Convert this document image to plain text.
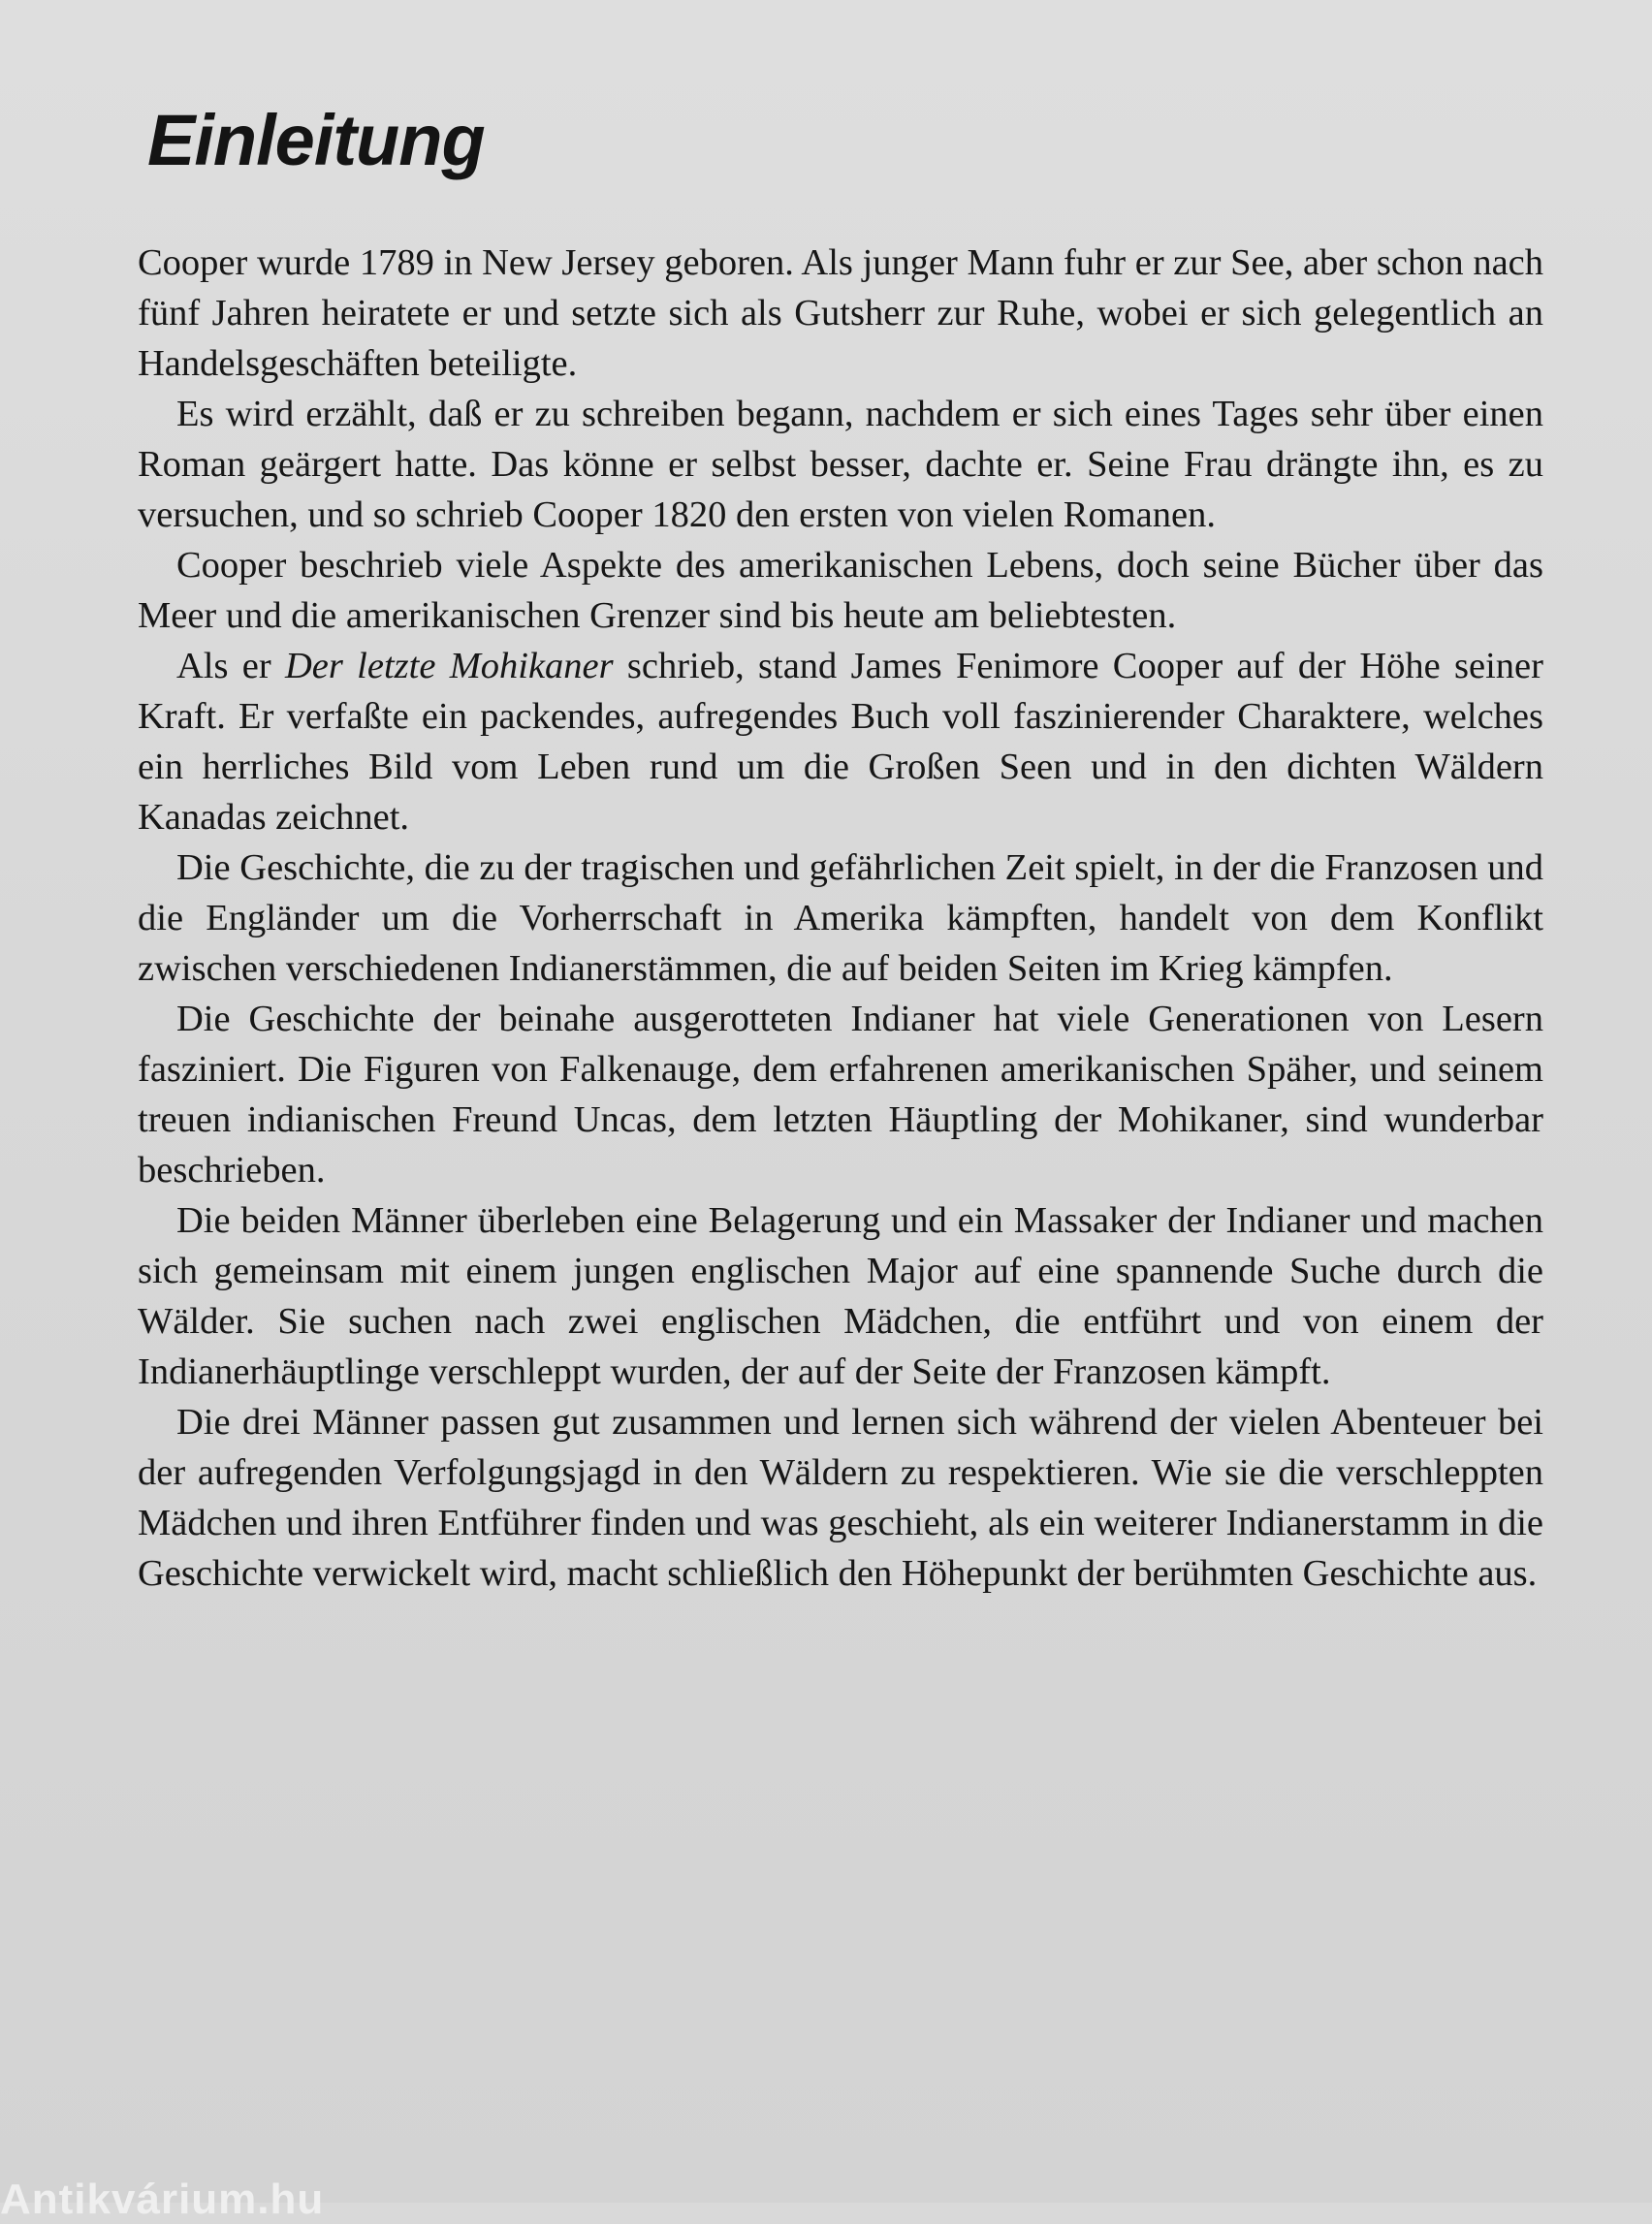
Einleitung

Cooper wurde 1789 in New Jersey geboren. Als junger Mann fuhr er zur See, aber schon nach fünf Jahren heiratete er und setzte sich als Gutsherr zur Ruhe, wobei er sich gelegentlich an Handelsgeschäften beteiligte.

Es wird erzählt, daß er zu schreiben begann, nachdem er sich eines Tages sehr über einen Roman geärgert hatte. Das könne er selbst besser, dachte er. Seine Frau drängte ihn, es zu versuchen, und so schrieb Cooper 1820 den ersten von vielen Romanen.

Cooper beschrieb viele Aspekte des amerikanischen Lebens, doch seine Bücher über das Meer und die amerikanischen Grenzer sind bis heute am beliebtesten.

Als er Der letzte Mohikaner schrieb, stand James Fenimore Cooper auf der Höhe seiner Kraft. Er verfaßte ein packendes, aufregendes Buch voll faszinierender Charaktere, welches ein herrliches Bild vom Leben rund um die Großen Seen und in den dichten Wäldern Kanadas zeichnet.

Die Geschichte, die zu der tragischen und gefährlichen Zeit spielt, in der die Franzosen und die Engländer um die Vorherrschaft in Amerika kämpften, handelt von dem Konflikt zwischen verschiedenen Indianerstämmen, die auf beiden Seiten im Krieg kämpfen.

Die Geschichte der beinahe ausgerotteten Indianer hat viele Generationen von Lesern fasziniert. Die Figuren von Falkenauge, dem erfahrenen amerikanischen Späher, und seinem treuen indianischen Freund Uncas, dem letzten Häuptling der Mohikaner, sind wunderbar beschrieben.

Die beiden Männer überleben eine Belagerung und ein Massaker der Indianer und machen sich gemeinsam mit einem jungen englischen Major auf eine spannende Suche durch die Wälder. Sie suchen nach zwei englischen Mädchen, die entführt und von einem der Indianerhäuptlinge verschleppt wurden, der auf der Seite der Franzosen kämpft.

Die drei Männer passen gut zusammen und lernen sich während der vielen Abenteuer bei der aufregenden Verfolgungsjagd in den Wäldern zu respektieren. Wie sie die verschleppten Mädchen und ihren Entführer finden und was geschieht, als ein weiterer Indianerstamm in die Geschichte verwickelt wird, macht schließlich den Höhepunkt der berühmten Geschichte aus.

Antikvárium.hu
